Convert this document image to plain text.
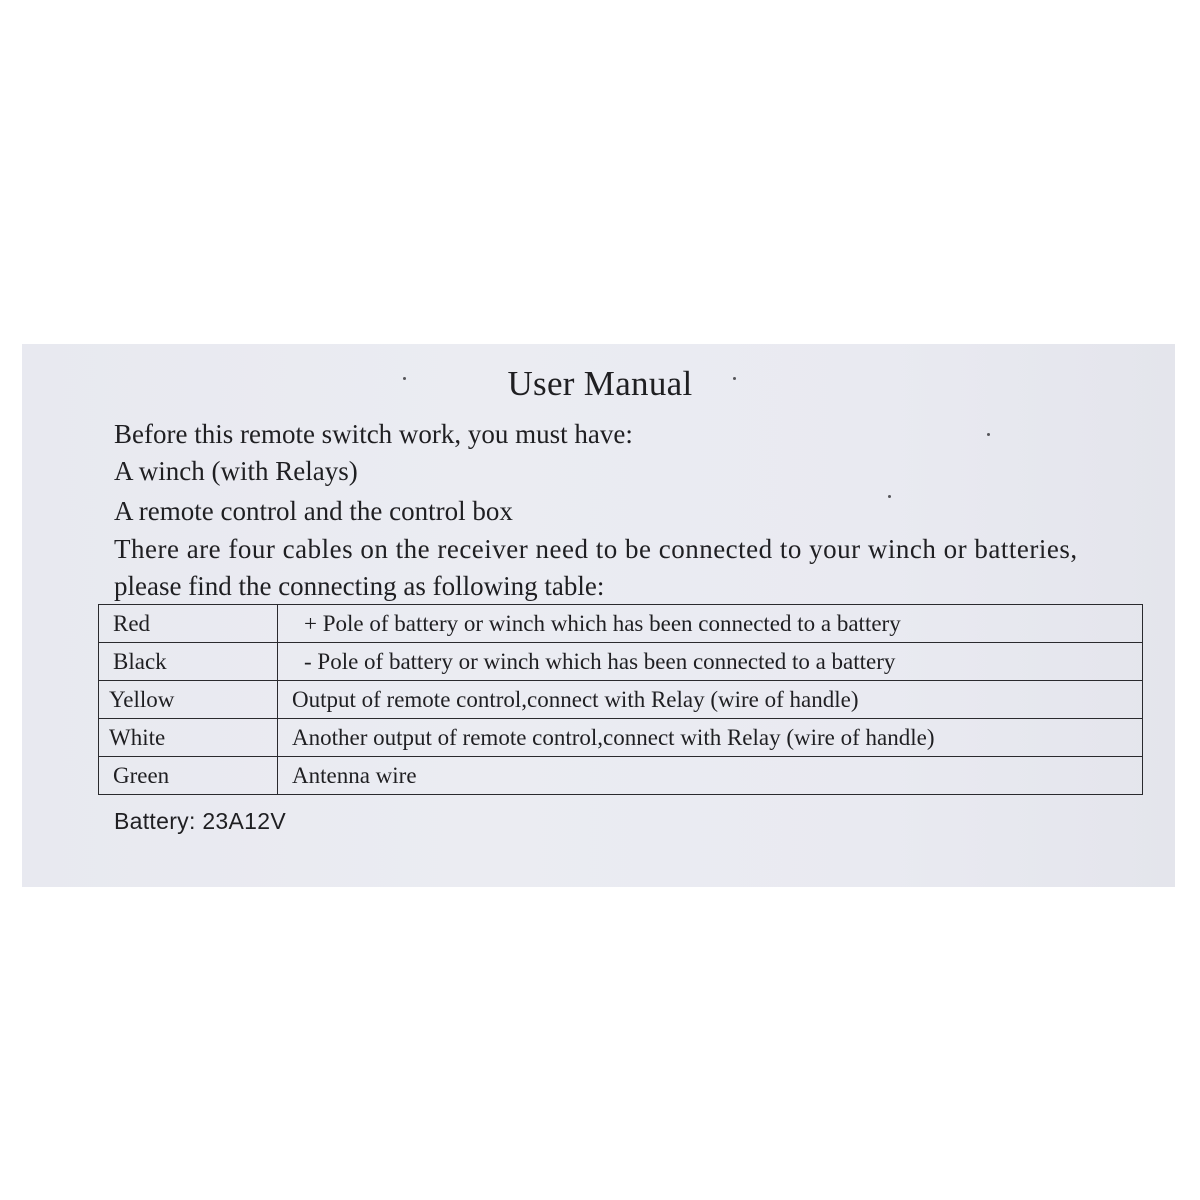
User Manual
Before this remote switch work, you must have:
A winch (with Relays)
A remote control and the control box
There are four cables on the receiver need to be connected to your winch or batteries,
please find the connecting as following table:
Red	+ Pole of battery or winch which has been connected to a battery
Black	- Pole of battery or winch which has been connected to a battery
Yellow	Output of remote control,connect with Relay (wire of handle)
White	Another output of remote control,connect with Relay (wire of handle)
Green	Antenna wire
Battery: 23A12V
